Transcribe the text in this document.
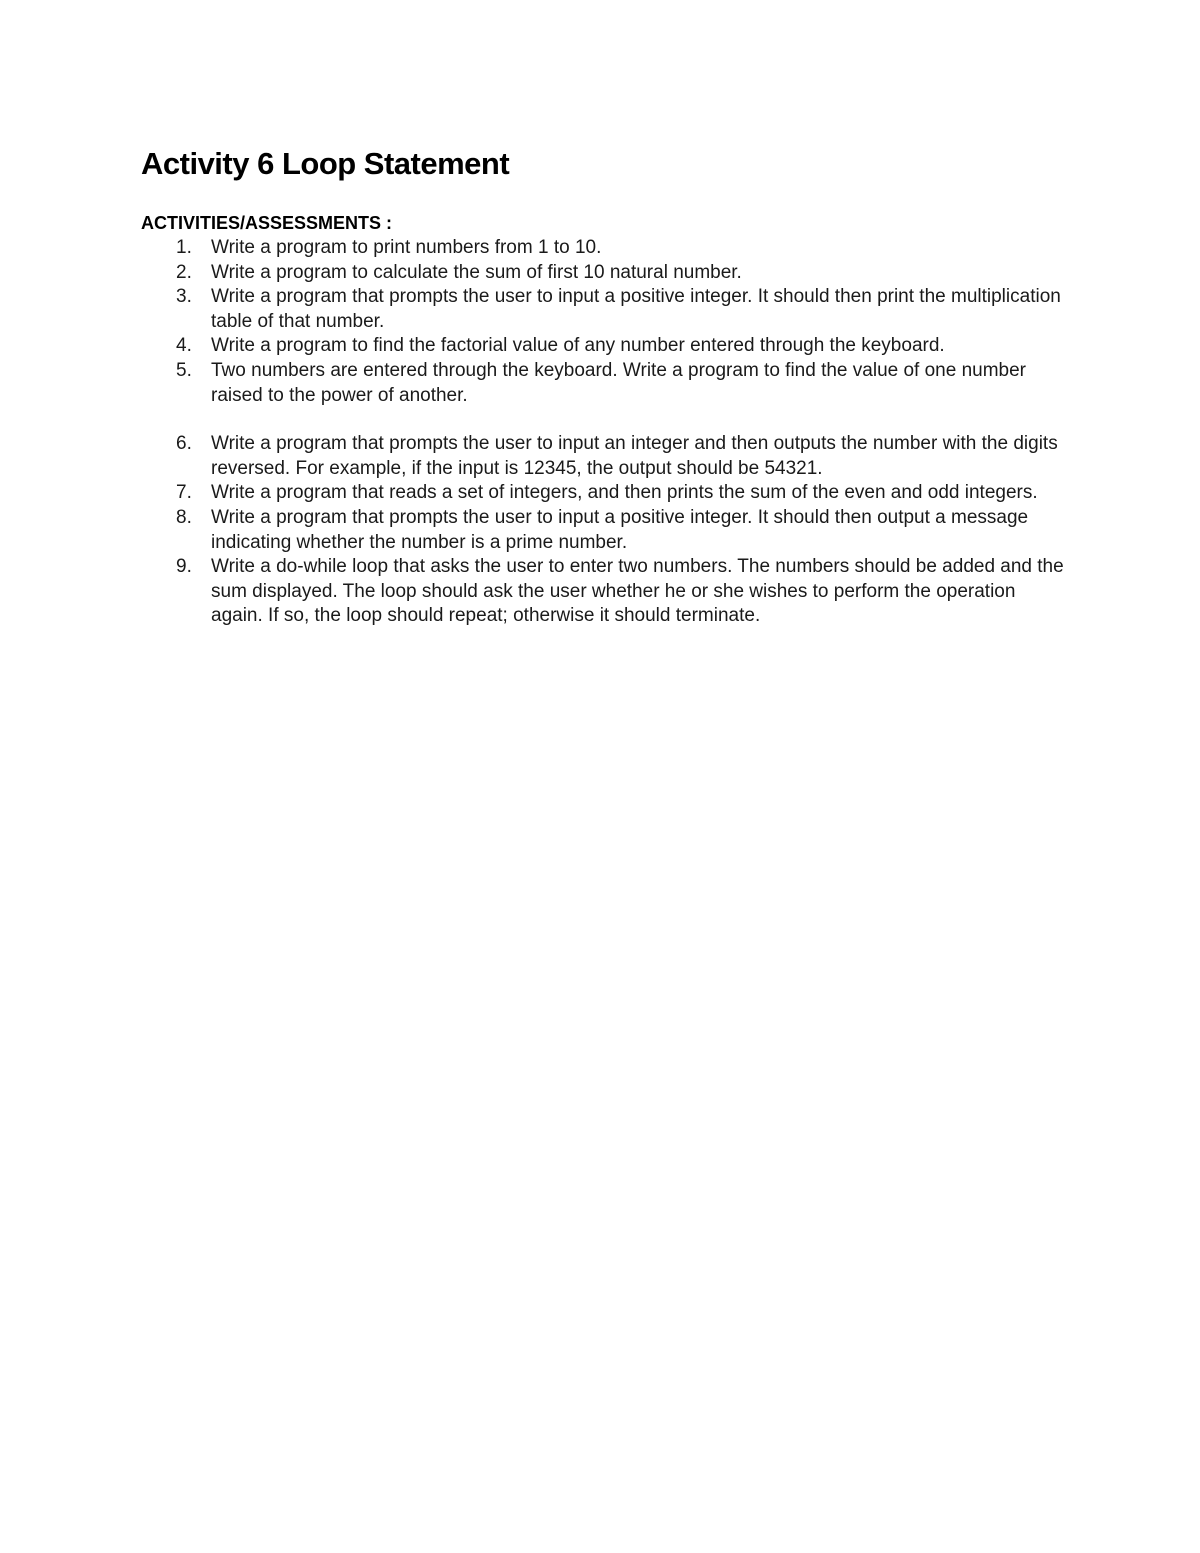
Activity 6 Loop Statement
ACTIVITIES/ASSESSMENTS :
1.	Write a program to print numbers from 1 to 10.
2.	Write a program to calculate the sum of first 10 natural number.
3.	Write a program that prompts the user to input a positive integer. It should then print the multiplication table of that number.
4.	Write a program to find the factorial value of any number entered through the keyboard.
5.	Two numbers are entered through the keyboard. Write a program to find the value of one number raised to the power of another.
6.	Write a program that prompts the user to input an integer and then outputs the number with the digits reversed. For example, if the input is 12345, the output should be 54321.
7.	Write a program that reads a set of integers, and then prints the sum of the even and odd integers.
8.	Write a program that prompts the user to input a positive integer. It should then output a message indicating whether the number is a prime number.
9.	Write a do-while loop that asks the user to enter two numbers. The numbers should be added and the sum displayed. The loop should ask the user whether he or she wishes to perform the operation again. If so, the loop should repeat; otherwise it should terminate.
